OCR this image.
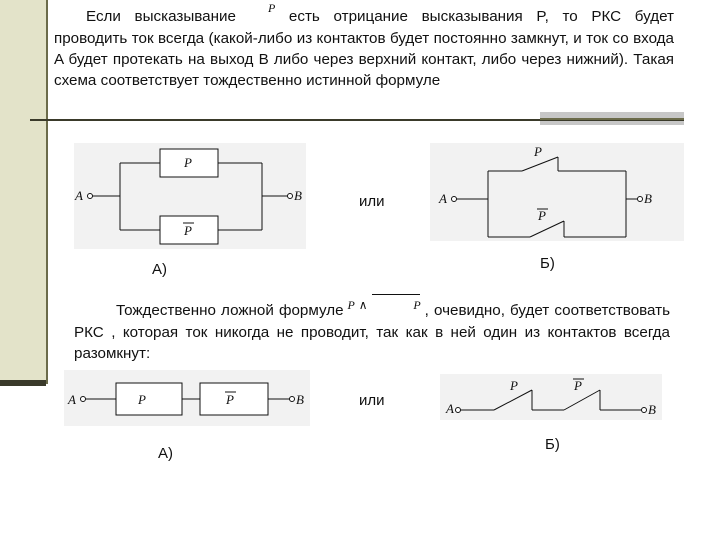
Если высказывание	P есть отрицание высказывания P, то РКС будет проводить ток всегда (какой-либо из контактов будет постоянно замкнут, и ток со входа A будет протекать на выход B либо через верхний контакт, либо через нижний). Такая схема соответствует тождественно истинной формуле
A	B
P
P
или	A	B
P
P
А)	Б)
Тождественно ложной формуле $^{P \wedge P}$ , очевидно, будет соответствовать РКС , которая ток никогда не проводит, так как в ней один из контактов всегда разомкнут:
A	B
P	P	или	A	B
P	P
А)
Б)
